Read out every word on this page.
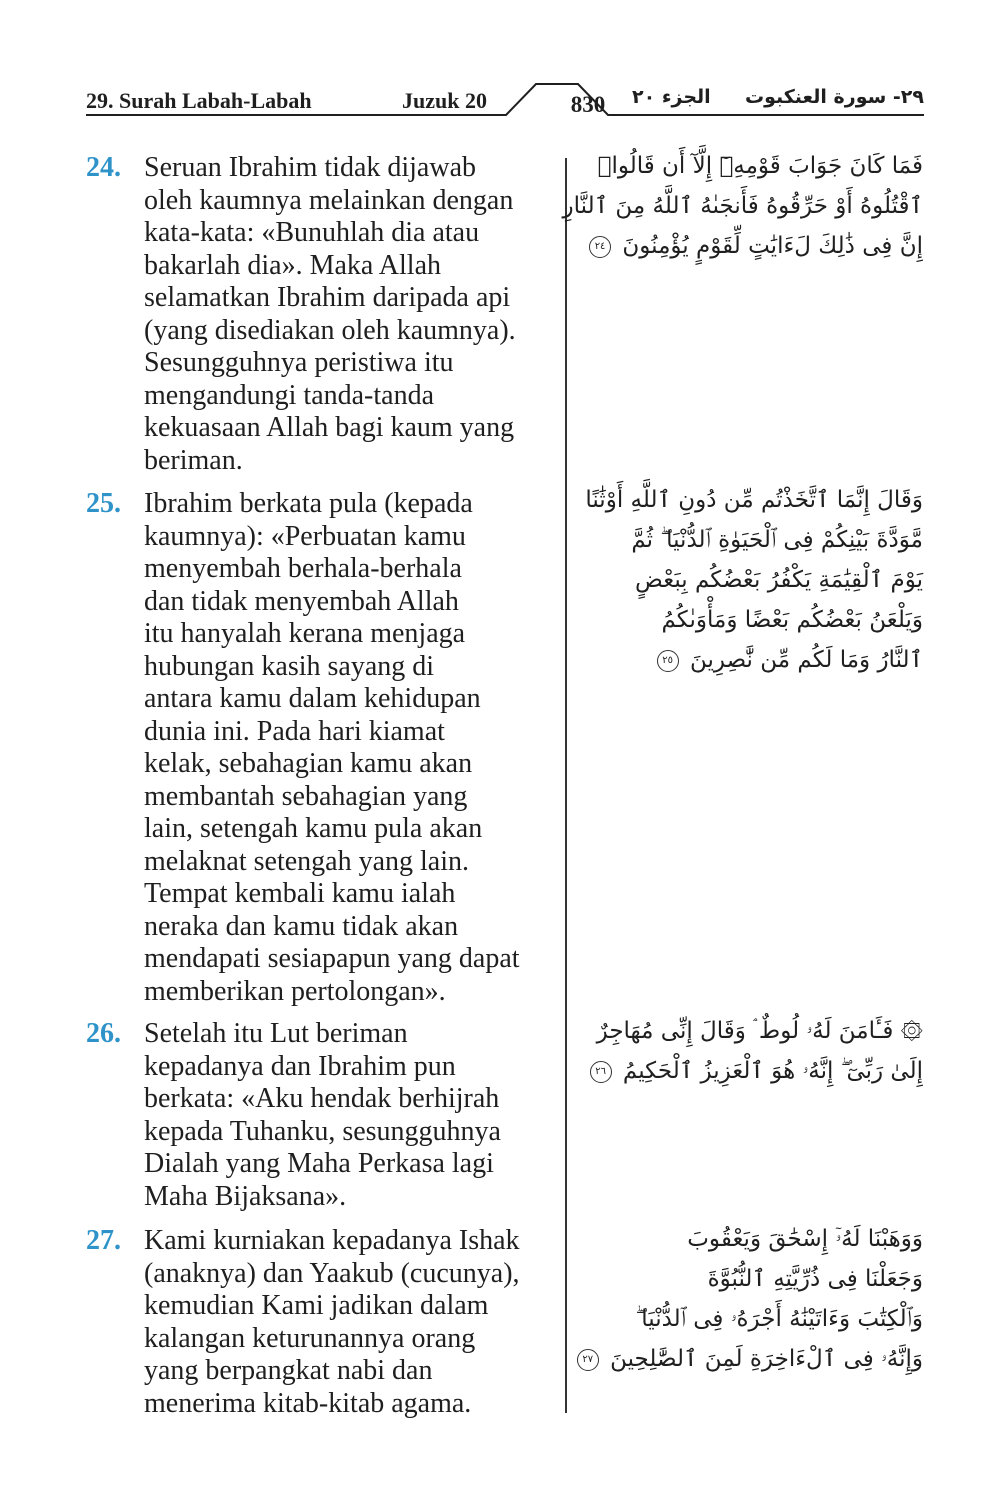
29. Surah Labah-Labah	Juzuk 20	830	الجزء ٢٠ ٢٩- سورة العنكبوت
24. Seruan Ibrahim tidak dijawab
oleh kaumnya melainkan dengan
kata-kata: «Bunuhlah dia atau
bakarlah dia». Maka Allah
selamatkan Ibrahim daripada api
(yang disediakan oleh kaumnya).
Sesungguhnya peristiwa itu
mengandungi tanda-tanda
kekuasaan Allah bagi kaum yang
beriman.
فَمَا كَانَ جَوَابَ قَوْمِهِۦٓ إِلَّآ أَن قَالُوا۟
ٱقْتُلُوهُ أَوْ حَرِّقُوهُ فَأَنجَىٰهُ ٱللَّهُ مِنَ ٱلنَّارِ
إِنَّ فِى ذَٰلِكَ لَءَايَٰتٍ لِّقَوْمٍ يُؤْمِنُونَ ٢٤
25. Ibrahim berkata pula (kepada
kaumnya): «Perbuatan kamu
menyembah berhala-berhala
dan tidak menyembah Allah
itu hanyalah kerana menjaga
hubungan kasih sayang di
antara kamu dalam kehidupan
dunia ini. Pada hari kiamat
kelak, sebahagian kamu akan
membantah sebahagian yang
lain, setengah kamu pula akan
melaknat setengah yang lain.
Tempat kembali kamu ialah
neraka dan kamu tidak akan
mendapati sesiapapun yang dapat
memberikan pertolongan».
وَقَالَ إِنَّمَا ٱتَّخَذْتُم مِّن دُونِ ٱللَّهِ أَوْثَٰنًا
مَّوَدَّةَ بَيْنِكُمْ فِى ٱلْحَيَوٰةِ ٱلدُّنْيَا ۖ ثُمَّ
يَوْمَ ٱلْقِيَٰمَةِ يَكْفُرُ بَعْضُكُم بِبَعْضٍ
وَيَلْعَنُ بَعْضُكُم بَعْضًا وَمَأْوَىٰكُمُ
ٱلنَّارُ وَمَا لَكُم مِّن نَّٰصِرِينَ ٢٥
26. Setelah itu Lut beriman
kepadanya dan Ibrahim pun
berkata: «Aku hendak berhijrah
kepada Tuhanku, sesungguhnya
Dialah yang Maha Perkasa lagi
Maha Bijaksana».
۞ فَـَٔامَنَ لَهُۥ لُوطٌ ۘ وَقَالَ إِنِّى مُهَاجِرٌ
إِلَىٰ رَبِّىٓ ۖ إِنَّهُۥ هُوَ ٱلْعَزِيزُ ٱلْحَكِيمُ ٢٦
27. Kami kurniakan kepadanya Ishak
(anaknya) dan Yaakub (cucunya),
kemudian Kami jadikan dalam
kalangan keturunannya orang
yang berpangkat nabi dan
menerima kitab-kitab agama.
وَوَهَبْنَا لَهُۥٓ إِسْحَٰقَ وَيَعْقُوبَ
وَجَعَلْنَا فِى ذُرِّيَّتِهِ ٱلنُّبُوَّةَ
وَٱلْكِتَٰبَ وَءَاتَيْنَٰهُ أَجْرَهُۥ فِى ٱلدُّنْيَا ۖ
وَإِنَّهُۥ فِى ٱلْءَاخِرَةِ لَمِنَ ٱلصَّٰلِحِينَ ٢٧
